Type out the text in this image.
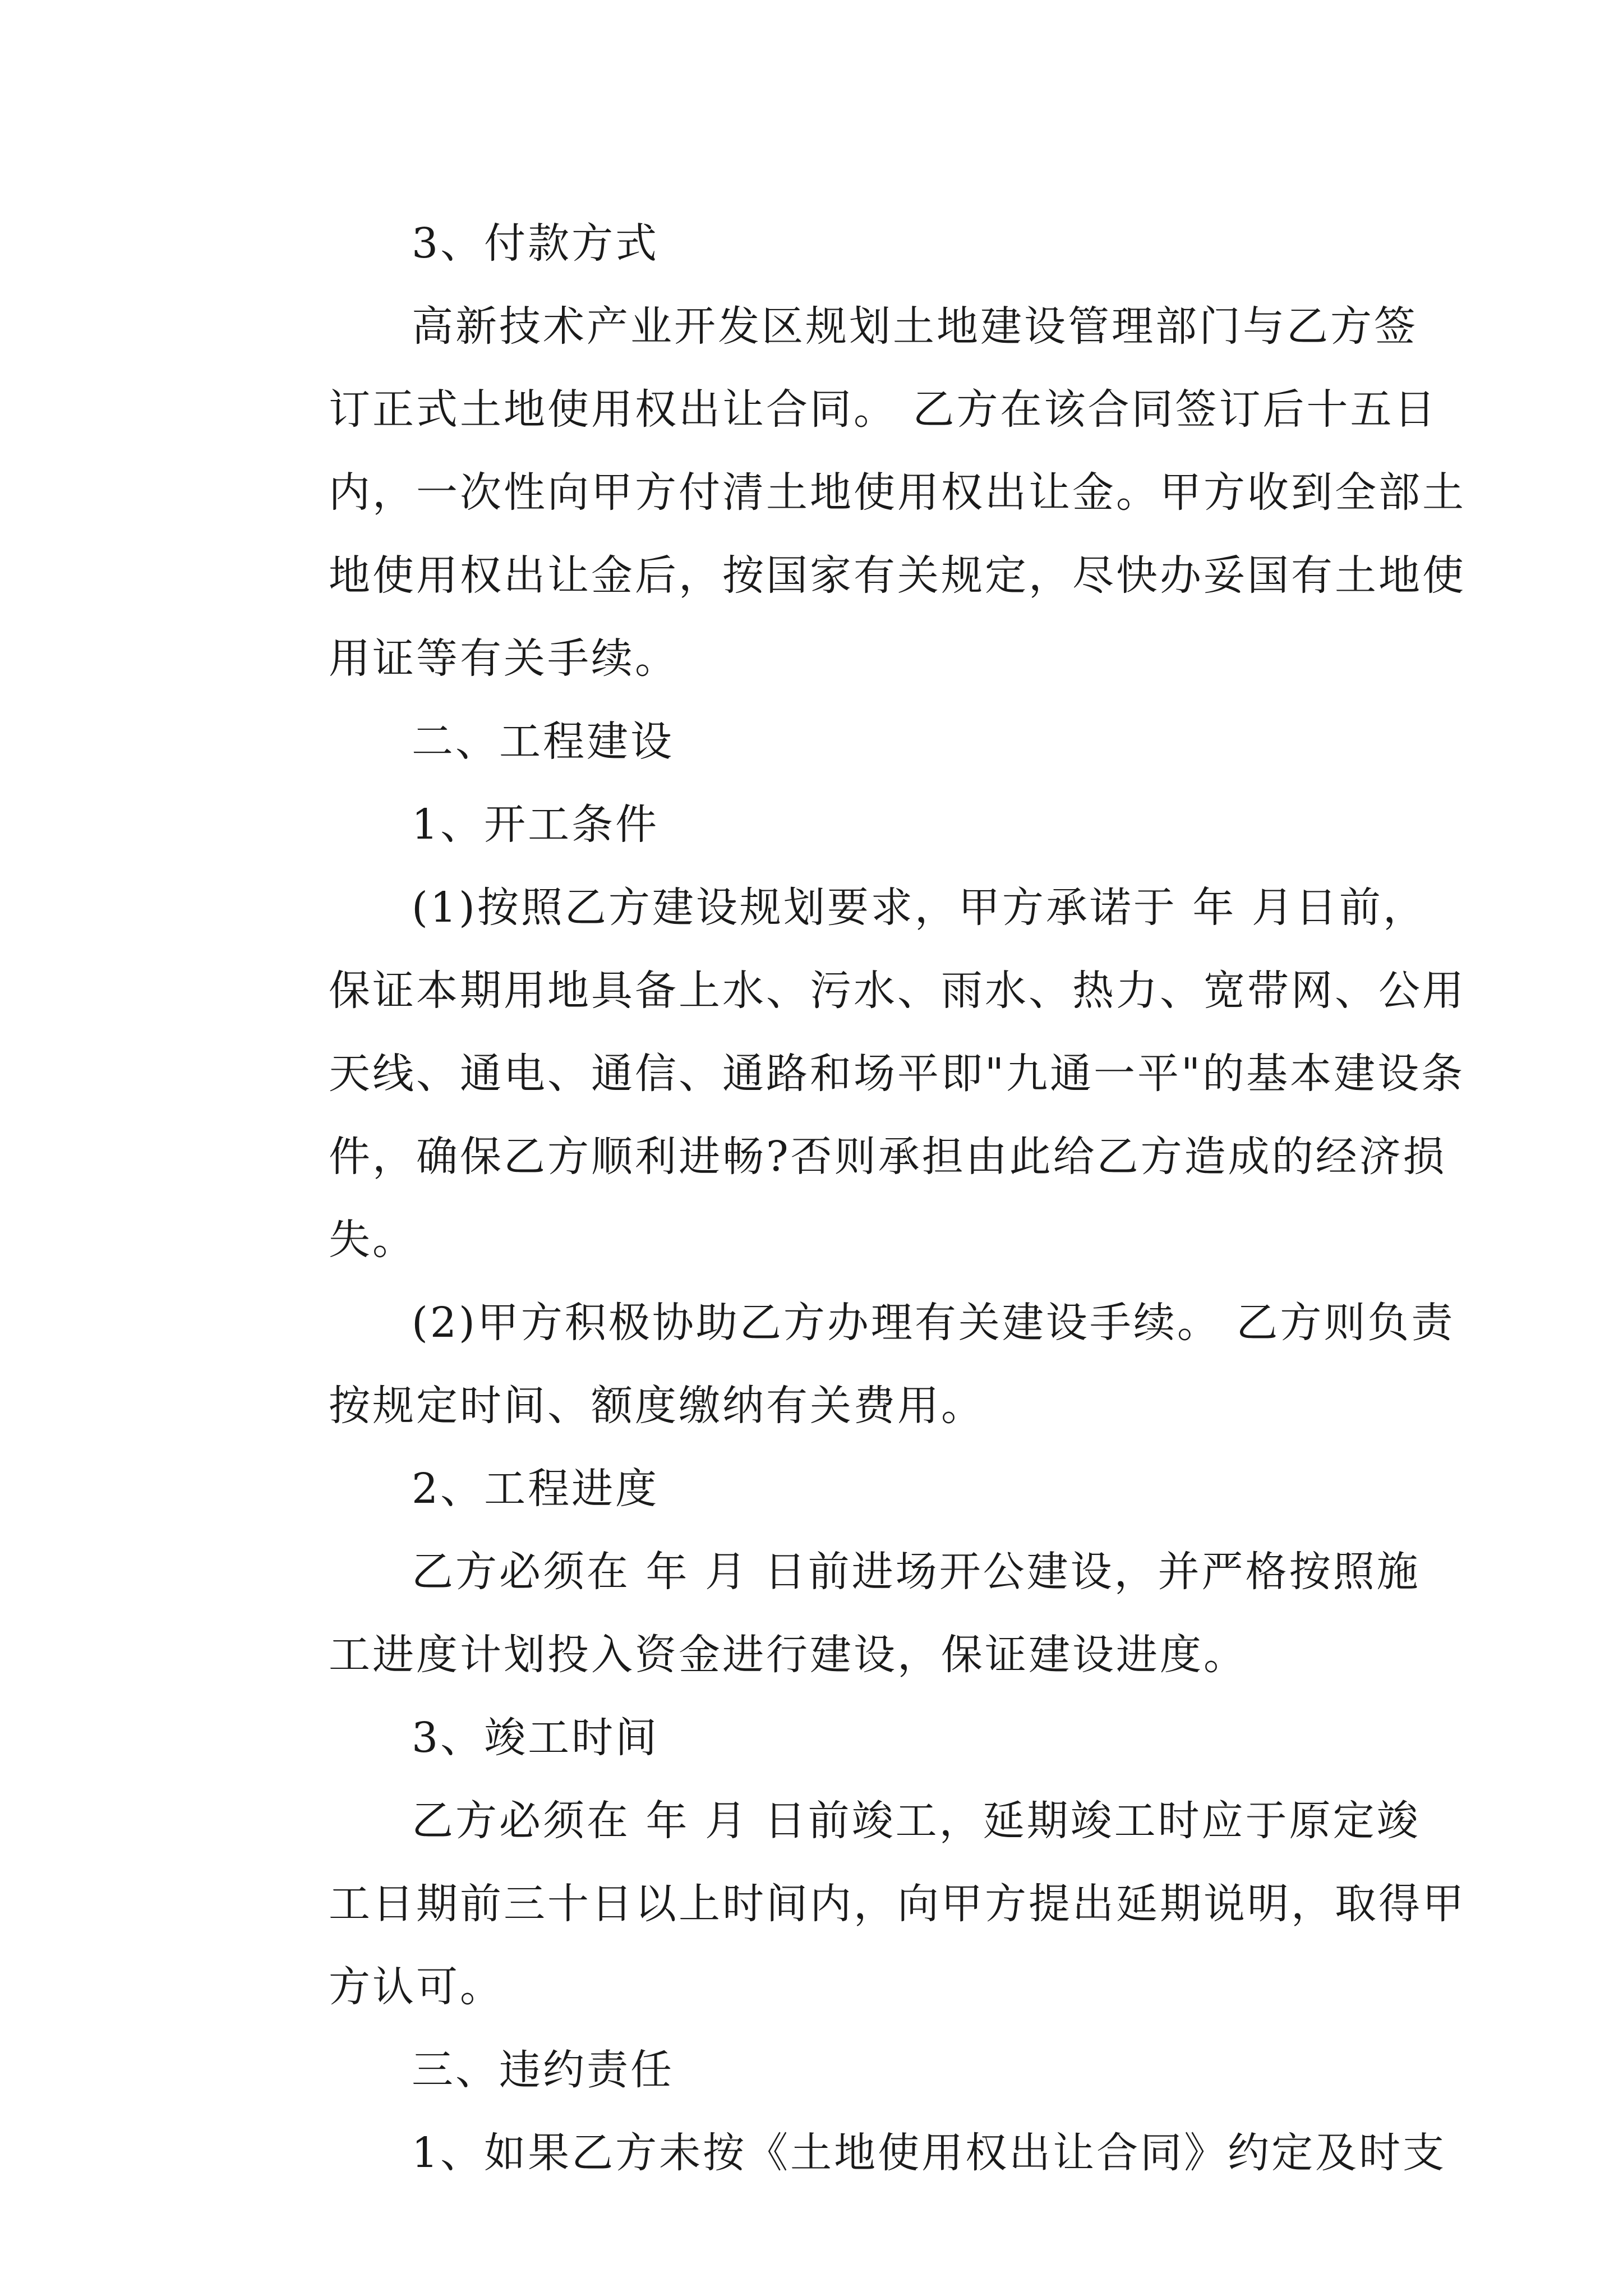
3、付款方式
高新技术产业开发区规划土地建设管理部门与乙方签
订正式土地使用权出让合同。 乙方在该合同签订后十五日
内，一次性向甲方付清土地使用权出让金。甲方收到全部土
地使用权出让金后，按国家有关规定，尽快办妥国有土地使
用证等有关手续。
二、工程建设
1、开工条件
(1)按照乙方建设规划要求，甲方承诺于 年 月日前，
保证本期用地具备上水、污水、雨水、热力、宽带网、公用
天线、通电、通信、通路和场平即"九通一平"的基本建设条
件，确保乙方顺利进畅?否则承担由此给乙方造成的经济损
失。
(2)甲方积极协助乙方办理有关建设手续。 乙方则负责
按规定时间、额度缴纳有关费用。
2、工程进度
乙方必须在 年 月 日前进场开公建设，并严格按照施
工进度计划投入资金进行建设，保证建设进度。
3、竣工时间
乙方必须在 年 月 日前竣工，延期竣工时应于原定竣
工日期前三十日以上时间内，向甲方提出延期说明，取得甲
方认可。
三、违约责任
1、如果乙方未按《土地使用权出让合同》约定及时支
